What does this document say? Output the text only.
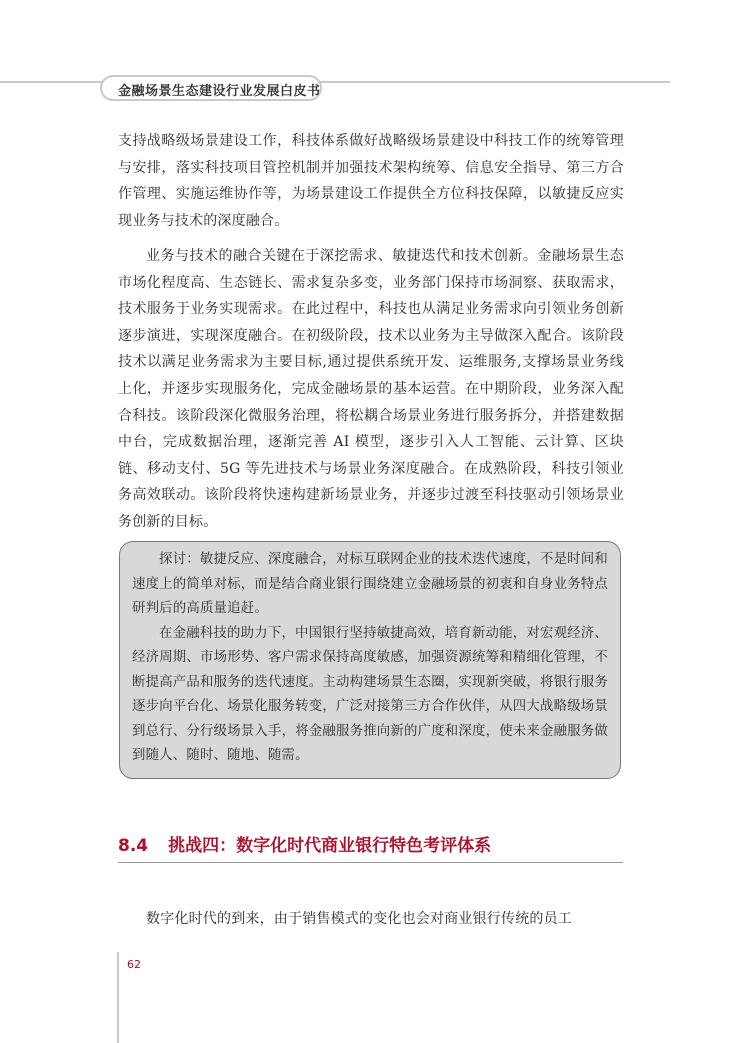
金融场景生态建设行业发展白皮书

支持战略级场景建设工作，科技体系做好战略级场景建设中科技工作的统筹管理与安排，落实科技项目管控机制并加强技术架构统筹、信息安全指导、第三方合作管理、实施运维协作等，为场景建设工作提供全方位科技保障，以敏捷反应实现业务与技术的深度融合。

业务与技术的融合关键在于深挖需求、敏捷迭代和技术创新。金融场景生态市场化程度高、生态链长、需求复杂多变，业务部门保持市场洞察、获取需求，技术服务于业务实现需求。在此过程中，科技也从满足业务需求向引领业务创新逐步演进，实现深度融合。在初级阶段，技术以业务为主导做深入配合。该阶段技术以满足业务需求为主要目标,通过提供系统开发、运维服务,支撑场景业务线上化，并逐步实现服务化，完成金融场景的基本运营。在中期阶段，业务深入配合科技。该阶段深化微服务治理，将松耦合场景业务进行服务拆分，并搭建数据中台，完成数据治理，逐渐完善 AI 模型，逐步引入人工智能、云计算、区块链、移动支付、5G 等先进技术与场景业务深度融合。在成熟阶段，科技引领业务高效联动。该阶段将快速构建新场景业务，并逐步过渡至科技驱动引领场景业务创新的目标。

探讨：敏捷反应、深度融合，对标互联网企业的技术迭代速度，不是时间和速度上的简单对标，而是结合商业银行围绕建立金融场景的初衷和自身业务特点研判后的高质量追赶。

在金融科技的助力下，中国银行坚持敏捷高效，培育新动能，对宏观经济、经济周期、市场形势、客户需求保持高度敏感，加强资源统筹和精细化管理，不断提高产品和服务的迭代速度。主动构建场景生态圈，实现新突破，将银行服务逐步向平台化、场景化服务转变，广泛对接第三方合作伙伴，从四大战略级场景到总行、分行级场景入手，将金融服务推向新的广度和深度，使未来金融服务做到随人、随时、随地、随需。

8.4 挑战四：数字化时代商业银行特色考评体系

数字化时代的到来，由于销售模式的变化也会对商业银行传统的员工

62
